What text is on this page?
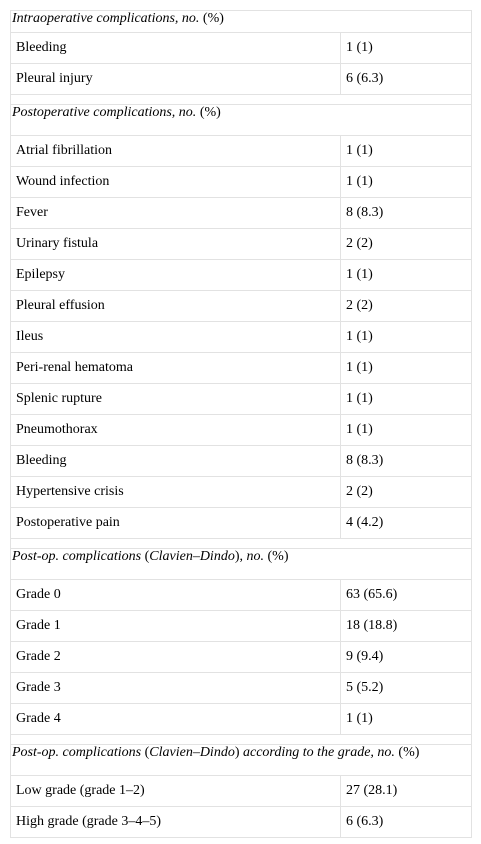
Intraoperative complications, no. (%)	
Bleeding	1 (1)
Pleural injury	6 (6.3)

Postoperative complications, no. (%)	
Atrial fibrillation	1 (1)
Wound infection	1 (1)
Fever	8 (8.3)
Urinary fistula	2 (2)
Epilepsy	1 (1)
Pleural effusion	2 (2)
Ileus	1 (1)
Peri-renal hematoma	1 (1)
Splenic rupture	1 (1)
Pneumothorax	1 (1)
Bleeding	8 (8.3)
Hypertensive crisis	2 (2)
Postoperative pain	4 (4.2)

Post-op. complications (Clavien–Dindo), no. (%)	
Grade 0	63 (65.6)
Grade 1	18 (18.8)
Grade 2	9 (9.4)
Grade 3	5 (5.2)
Grade 4	1 (1)

Post-op. complications (Clavien–Dindo) according to the grade, no. (%)	
Low grade (grade 1–2)	27 (28.1)
High grade (grade 3–4–5)	6 (6.3)
